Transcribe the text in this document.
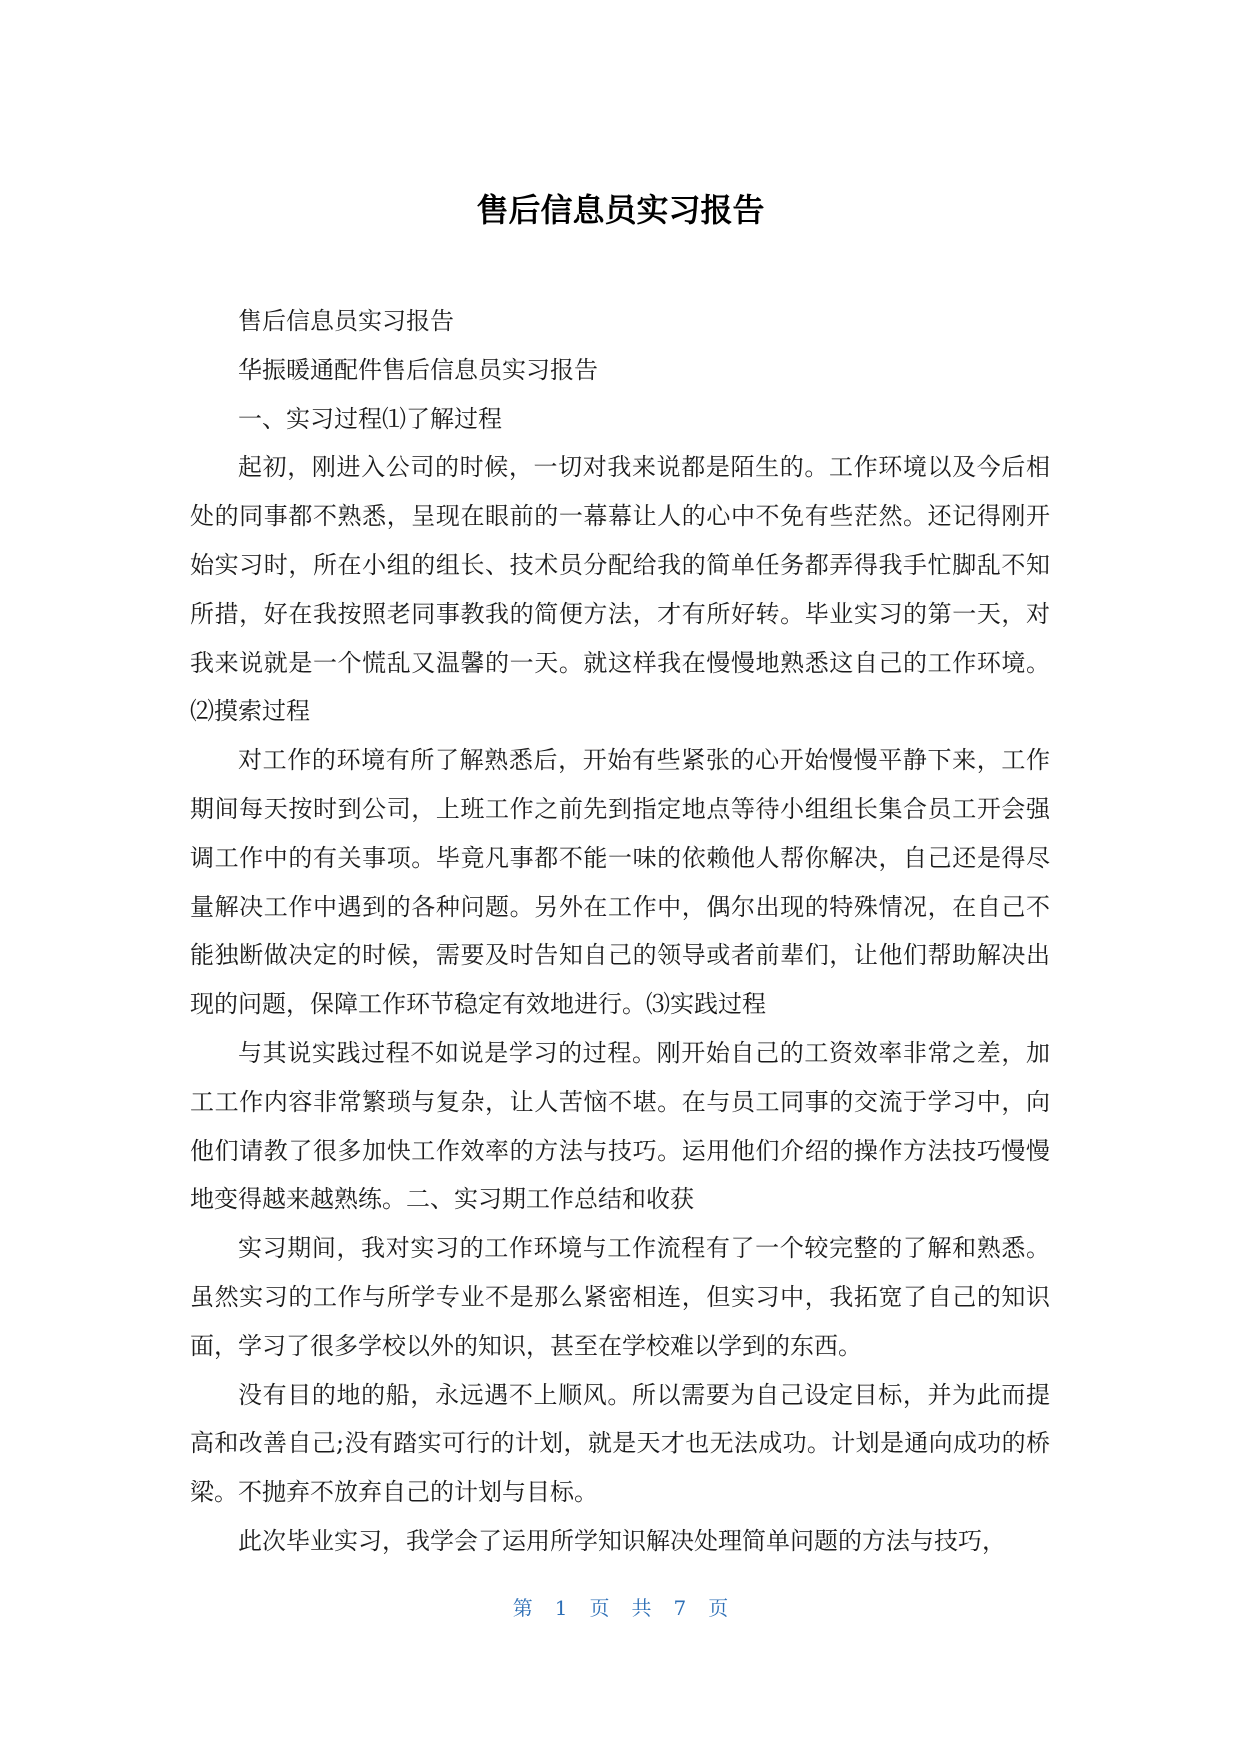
售后信息员实习报告

售后信息员实习报告

华振暖通配件售后信息员实习报告

一、实习过程⑴了解过程

起初，刚进入公司的时候，一切对我来说都是陌生的。工作环境以及今后相处的同事都不熟悉，呈现在眼前的一幕幕让人的心中不免有些茫然。还记得刚开始实习时，所在小组的组长、技术员分配给我的简单任务都弄得我手忙脚乱不知所措，好在我按照老同事教我的简便方法，才有所好转。毕业实习的第一天，对我来说就是一个慌乱又温馨的一天。就这样我在慢慢地熟悉这自己的工作环境。⑵摸索过程

对工作的环境有所了解熟悉后，开始有些紧张的心开始慢慢平静下来，工作期间每天按时到公司，上班工作之前先到指定地点等待小组组长集合员工开会强调工作中的有关事项。毕竟凡事都不能一味的依赖他人帮你解决，自己还是得尽量解决工作中遇到的各种问题。另外在工作中，偶尔出现的特殊情况，在自己不能独断做决定的时候，需要及时告知自己的领导或者前辈们，让他们帮助解决出现的问题，保障工作环节稳定有效地进行。⑶实践过程

与其说实践过程不如说是学习的过程。刚开始自己的工资效率非常之差，加工工作内容非常繁琐与复杂，让人苦恼不堪。在与员工同事的交流于学习中，向他们请教了很多加快工作效率的方法与技巧。运用他们介绍的操作方法技巧慢慢地变得越来越熟练。二、实习期工作总结和收获

实习期间，我对实习的工作环境与工作流程有了一个较完整的了解和熟悉。虽然实习的工作与所学专业不是那么紧密相连，但实习中，我拓宽了自己的知识面，学习了很多学校以外的知识，甚至在学校难以学到的东西。

没有目的地的船，永远遇不上顺风。所以需要为自己设定目标，并为此而提高和改善自己;没有踏实可行的计划，就是天才也无法成功。计划是通向成功的桥梁。不抛弃不放弃自己的计划与目标。

此次毕业实习，我学会了运用所学知识解决处理简单问题的方法与技巧，

第 1 页共7 页
